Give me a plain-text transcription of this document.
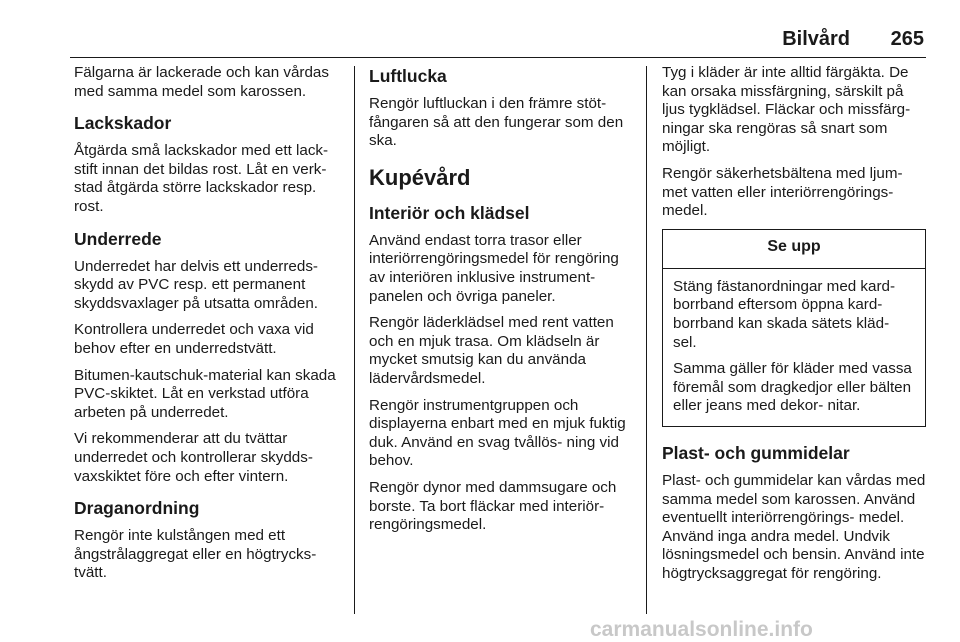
Bilvård	265

Fälgarna är lackerade och kan vårdas med samma medel som karossen.

Lackskador

Åtgärda små lackskador med ett lack- stift innan det bildas rost. Låt en verk- stad åtgärda större lackskador resp. rost.

Underrede

Underredet har delvis ett underreds- skydd av PVC resp. ett permanent skyddsvaxlager på utsatta områden.

Kontrollera underredet och vaxa vid behov efter en underredstvätt.

Bitumen-kautschuk-material kan skada PVC-skiktet. Låt en verkstad utföra arbeten på underredet.

Vi rekommenderar att du tvättar underredet och kontrollerar skydds- vaxskiktet före och efter vintern.

Draganordning

Rengör inte kulstången med ett ångstrålaggregat eller en högtrycks- tvätt.

Luftlucka

Rengör luftluckan i den främre stöt- fångaren så att den fungerar som den ska.

Kupévård
Interiör och klädsel

Använd endast torra trasor eller interiörrengöringsmedel för rengöring av interiören inklusive instrument- panelen och övriga paneler.

Rengör läderklädsel med rent vatten och en mjuk trasa. Om klädseln är mycket smutsig kan du använda lädervårdsmedel.

Rengör instrumentgruppen och displayerna enbart med en mjuk fuktig duk. Använd en svag tvållös- ning vid behov.

Rengör dynor med dammsugare och borste. Ta bort fläckar med interiör- rengöringsmedel.

Tyg i kläder är inte alltid färgäkta. De kan orsaka missfärgning, särskilt på ljus tygklädsel. Fläckar och missfärg- ningar ska rengöras så snart som möjligt.

Rengör säkerhetsbältena med ljum- met vatten eller interiörrengörings- medel.

Se upp

Stäng fästanordningar med kard- borrband eftersom öppna kard- borrband kan skada sätets kläd- sel.

Samma gäller för kläder med vassa föremål som dragkedjor eller bälten eller jeans med dekor- nitar.

Plast- och gummidelar

Plast- och gummidelar kan vårdas med samma medel som karossen. Använd eventuellt interiörrengörings- medel. Använd inga andra medel. Undvik lösningsmedel och bensin. Använd inte högtrycksaggregat för rengöring.

carmanualsonline.info
